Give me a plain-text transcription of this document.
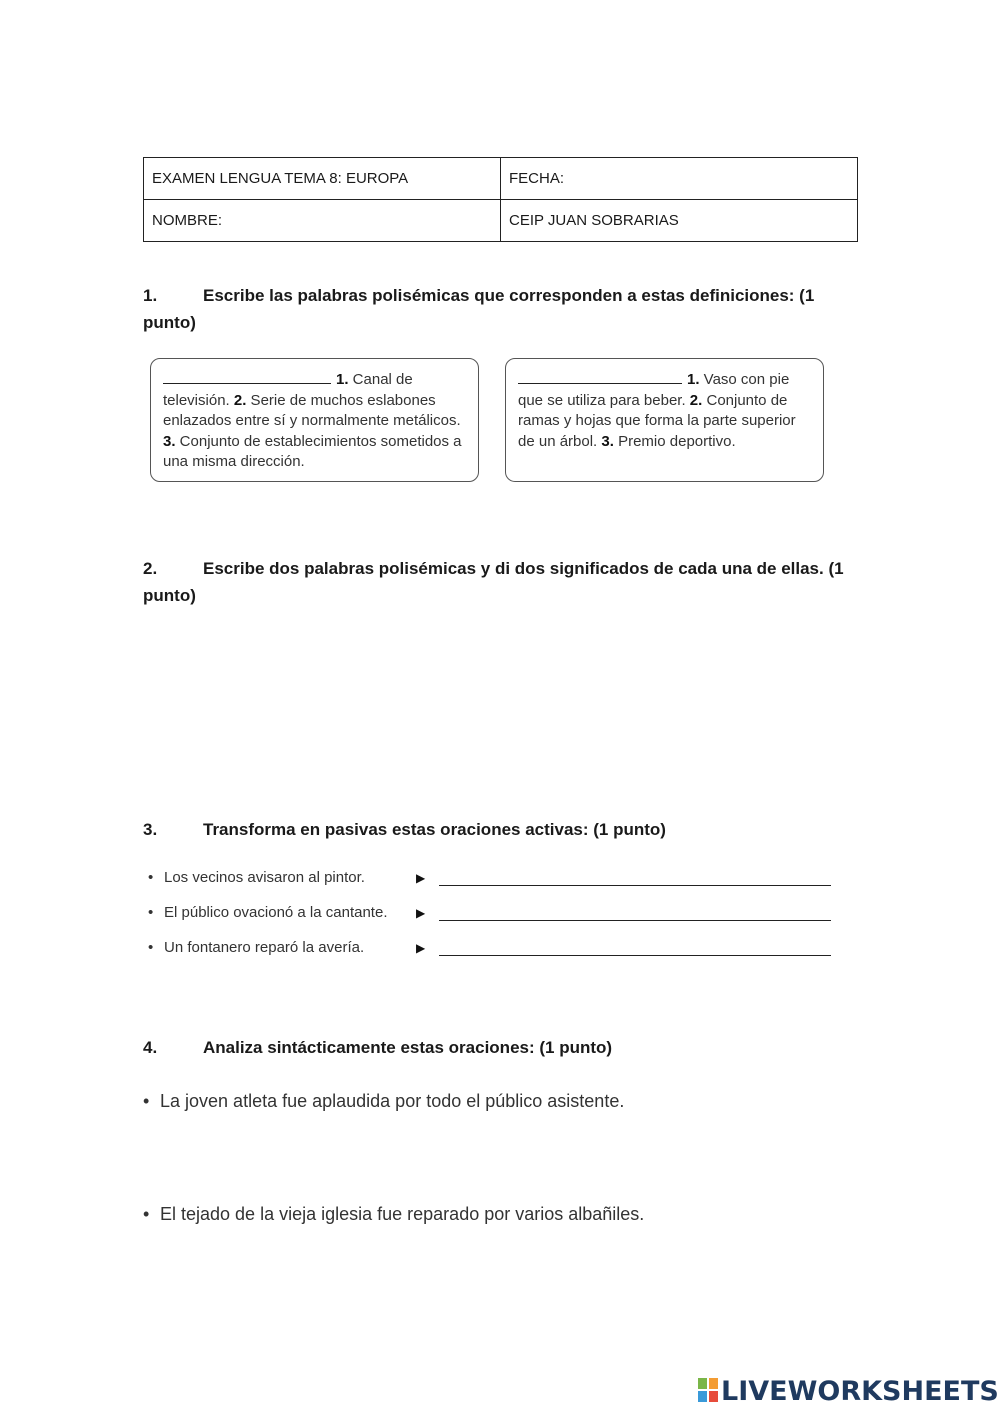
EXAMEN LENGUA TEMA 8: EUROPA	FECHA:
NOMBRE:	CEIP JUAN SOBRARIAS
1.	Escribe las palabras polisémicas que corresponden a estas definiciones: (1 punto)
1. Canal de televisión. 2. Serie de muchos eslabones enlazados entre sí y normalmente metálicos. 3. Conjunto de establecimientos sometidos a una misma dirección.
1. Vaso con pie que se utiliza para beber. 2. Conjunto de ramas y hojas que forma la parte superior de un árbol. 3. Premio deportivo.
2.	Escribe dos palabras polisémicas y di dos significados de cada una de ellas. (1 punto)
3.	Transforma en pasivas estas oraciones activas: (1 punto)
• Los vecinos avisaron al pintor.	▶
• El público ovacionó a la cantante. ▶
• Un fontanero reparó la avería.	▶
4.	Analiza sintácticamente estas oraciones: (1 punto)
• La joven atleta fue aplaudida por todo el público asistente.
• El tejado de la vieja iglesia fue reparado por varios albañiles.
LIVEWORKSHEETS
